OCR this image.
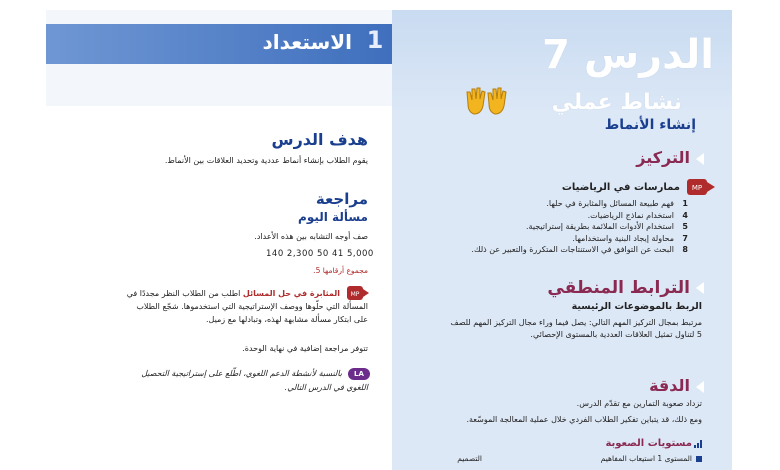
الدرس 7
نشاط عملي
إنشاء الأنماط
التركيز
MP
ممارسات في الرياضيات
1
فهم طبيعة المسائل والمثابرة في حلها.
4
استخدام نماذج الرياضيات.
5
استخدام الأدوات الملائمة بطريقة إستراتيجية.
7
محاولة إيجاد البنية واستخدامها.
8
البحث عن التوافق في الاستنتاجات المتكررة والتعبير عن ذلك.
الترابط المنطقي
الربط بالموضوعات الرئيسية
مرتبط بمجال التركيز المهم التالي: يصل فيما وراء مجال التركيز المهم للصف
5 لتناول تمثيل العلاقات العددية بالمستوى الإحصائي.
الدقة
تزداد صعوبة التمارين مع تقدّم الدرس.
ومع ذلك، قد يتباين تفكير الطلاب الفردي خلال عملية المعالجة الموسّعة.
مستويات الصعوبة
المستوى 1 استيعاب المفاهيم
التصميم
1
الاستعداد
هدف الدرس
يقوم الطلاب بإنشاء أنماط عددية وتحديد العلاقات بين الأنماط.
مراجعة
مسألة اليوم
صف أوجه التشابه بين هذه الأعداد.
140 2,300 50 41 5,000
مجموع أرقامها 5.
MP
المثابرة في حل المسائل اطلب من الطلاب النظر مجددًا في
المسألة التي حلّوها ووصف الإستراتيجية التي استخدموها. شجّع الطلاب
على ابتكار مسألة مشابهة لهذه، وتبادلها مع زميل.
تتوفر مراجعة إضافية في نهاية الوحدة.
LA
بالنسبة لأنشطة الدعم اللغوي، اطّلع على إستراتيجية التحصيل
اللغوي في الدرس التالي.
